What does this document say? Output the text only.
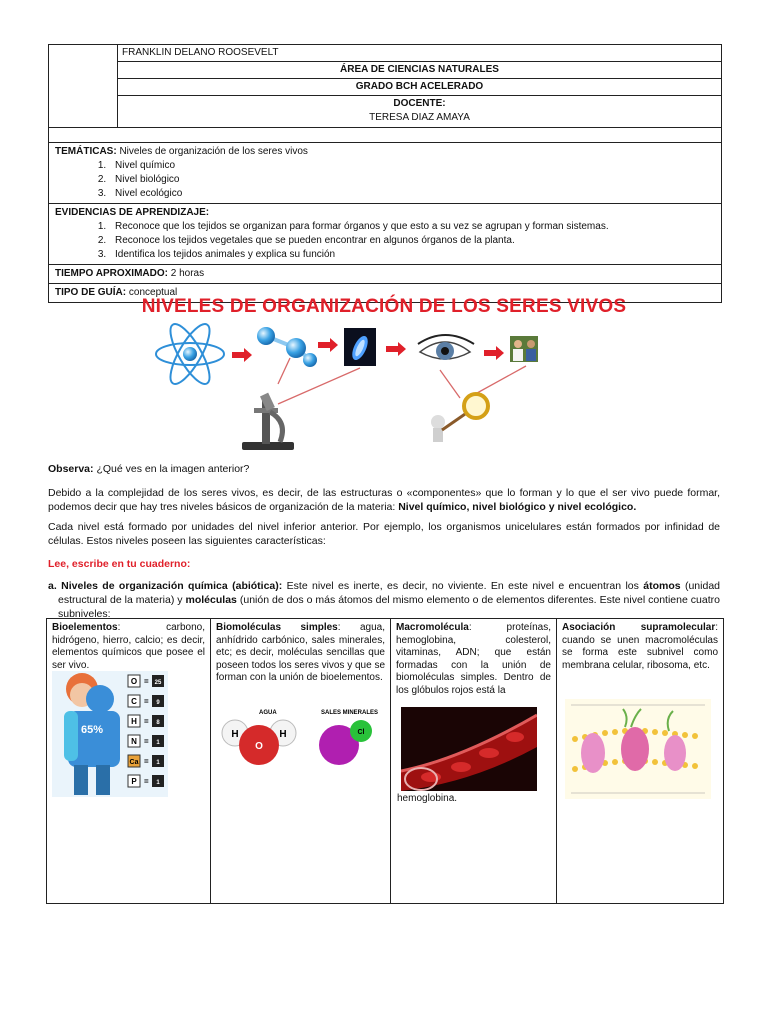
FRANKLIN DELANO ROOSEVELT
ÁREA DE CIENCIAS NATURALES
GRADO BCH ACELERADO
DOCENTE:
TERESA DIAZ AMAYA
TEMÁTICAS: Niveles de organización de los seres vivos
1. Nivel químico
2. Nivel biológico
3. Nivel ecológico
EVIDENCIAS DE APRENDIZAJE:
1. Reconoce que los tejidos se organizan para formar órganos y que esto a su vez se agrupan y forman sistemas.
2. Reconoce los tejidos vegetales que se pueden encontrar en algunos órganos de la planta.
3. Identifica los tejidos animales y explica su función
TIEMPO APROXIMADO: 2 horas
TIPO DE GUÍA: conceptual
NIVELES DE ORGANIZACIÓN DE LOS SERES VIVOS
Observa: ¿Qué ves en la imagen anterior?
Debido a la complejidad de los seres vivos, es decir, de las estructuras o «componentes» que lo forman y lo que el ser vivo puede formar, podemos decir que hay tres niveles básicos de organización de la materia: Nivel químico, nivel biológico y nivel ecológico.
Cada nivel está formado por unidades del nivel inferior anterior. Por ejemplo, los organismos unicelulares están formados por infinidad de células. Estos niveles poseen las siguientes características:
Lee, escribe en tu cuaderno:
a. Niveles de organización química (abiótica): Este nivel es inerte, es decir, no viviente. En este nivel e encuentran los átomos (unidad estructural de la materia) y moléculas (unión de dos o más átomos del mismo elemento o de elementos diferentes. Este nivel contiene cuatro subniveles:
Bioelementos: carbono, hidrógeno, hierro, calcio; es decir, elementos químicos que posee el ser vivo.
65%
O = 25
C = 9
H = 8
N = 1
Ca = 1
P = 1
Biomoléculas simples: agua, anhídrido carbónico, sales minerales, etc; es decir, moléculas sencillas que poseen todos los seres vivos y que se forman con la unión de bioelementos.
AGUA	SALES MINERALES
H	H
O
Cl
Macromolécula: proteínas, hemoglobina, colesterol, vitaminas, ADN; que están formadas con la unión de biomoléculas simples. Dentro de los glóbulos rojos está la
hemoglobina.
Asociación supramolecular: cuando se unen macromoléculas se forma este subnivel como membrana celular, ribosoma, etc.
